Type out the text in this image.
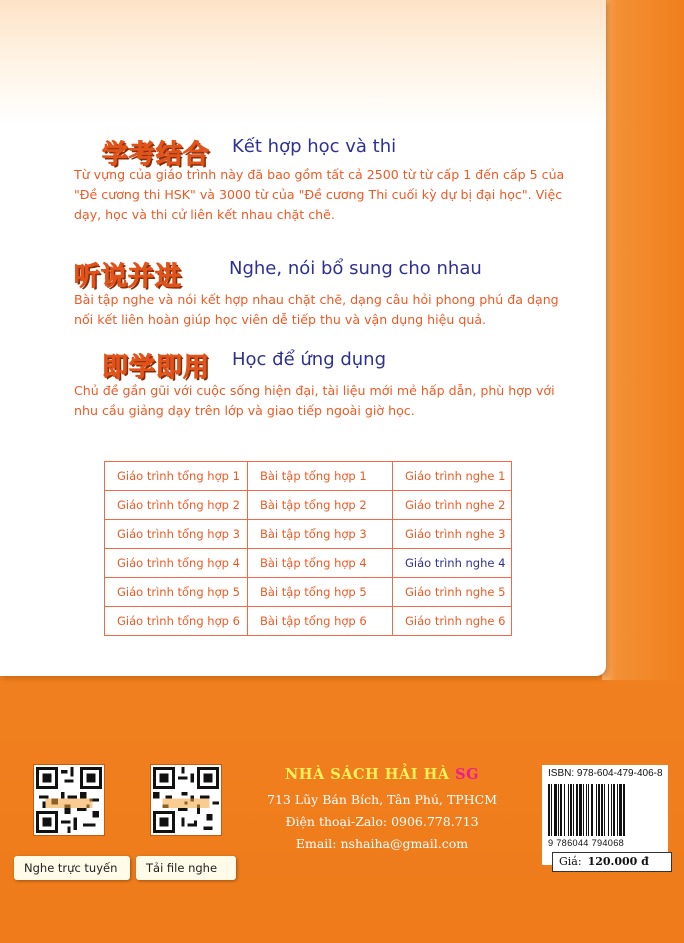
学考结合 Kết hợp học và thi

Từ vựng của giáo trình này đã bao gồm tất cả 2500 từ từ cấp 1 đến cấp 5 của

"Đề cương thi HSK" và 3000 từ của "Đề cương Thi cuối kỳ dự bị đại học". Việc

dạy, học và thi cử liên kết nhau chặt chẽ.

听说并进	Nghe, nói bổ sung cho nhau

Bài tập nghe và nói kết hợp nhau chặt chẽ, dạng câu hỏi phong phú đa dạng

nối kết liên hoàn giúp học viên dễ tiếp thu và vận dụng hiệu quả.

即学即用 Học để ứng dụng

Chủ đề gần gũi với cuộc sống hiện đại, tài liệu mới mẻ hấp dẫn, phù hợp với

nhu cầu giảng dạy trên lớp và giao tiếp ngoài giờ học.

Giáo trình tổng hợp 1	Bài tập tổng hợp 1	Giáo trình nghe 1
Giáo trình tổng hợp 2	Bài tập tổng hợp 2	Giáo trình nghe 2
Giáo trình tổng hợp 3	Bài tập tổng hợp 3	Giáo trình nghe 3
Giáo trình tổng hợp 4	Bài tập tổng hợp 4	Giáo trình nghe 4
Giáo trình tổng hợp 5	Bài tập tổng hợp 5	Giáo trình nghe 5
Giáo trình tổng hợp 6	Bài tập tổng hợp 6	Giáo trình nghe 6
Nghe trực tuyến	Tải file nghe
NHÀ SÁCH HẢI HÀ SG
713 Lũy Bán Bích, Tân Phú, TPHCM
Điện thoại-Zalo: 0906.778.713
Email: nshaiha@gmail.com
ISBN: 978-604-479-406-8
9 786044 794068
Giá: 120.000 đ
